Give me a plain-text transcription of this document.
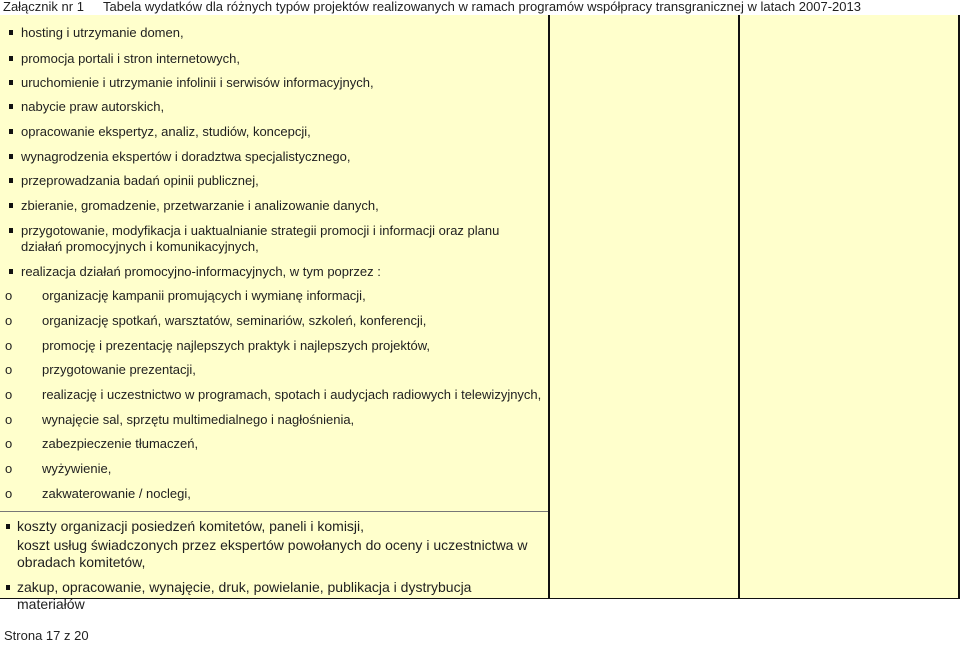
Załącznik nr 1 Tabela wydatków dla różnych typów projektów realizowanych w ramach programów współpracy transgranicznej w latach 2007-2013
hosting i utrzymanie domen,
promocja portali i stron internetowych,
uruchomienie i utrzymanie infolinii i serwisów informacyjnych,
nabycie praw autorskich,
opracowanie ekspertyz, analiz, studiów, koncepcji,
wynagrodzenia ekspertów i doradztwa specjalistycznego,
przeprowadzania badań opinii publicznej,
zbieranie, gromadzenie, przetwarzanie i analizowanie danych,
przygotowanie, modyfikacja i uaktualnianie strategii promocji i informacji oraz planu działań promocyjnych i komunikacyjnych,
realizacja działań promocyjno-informacyjnych, w tym poprzez :
o organizację kampanii promujących i wymianę informacji,
o organizację spotkań, warsztatów, seminariów, szkoleń, konferencji,
o promocję i prezentację najlepszych praktyk i najlepszych projektów,
o przygotowanie prezentacji,
o realizację i uczestnictwo w programach, spotach i audycjach radiowych i telewizyjnych,
o wynajęcie sal, sprzętu multimedialnego i nagłośnienia,
o zabezpieczenie tłumaczeń,
o wyżywienie,
o zakwaterowanie / noclegi,
koszty organizacji posiedzeń komitetów, paneli i komisji,
koszt usług świadczonych przez ekspertów powołanych do oceny i uczestnictwa w obradach komitetów,
zakup, opracowanie, wynajęcie, druk, powielanie, publikacja i dystrybucja materiałów
Strona 17 z 20
